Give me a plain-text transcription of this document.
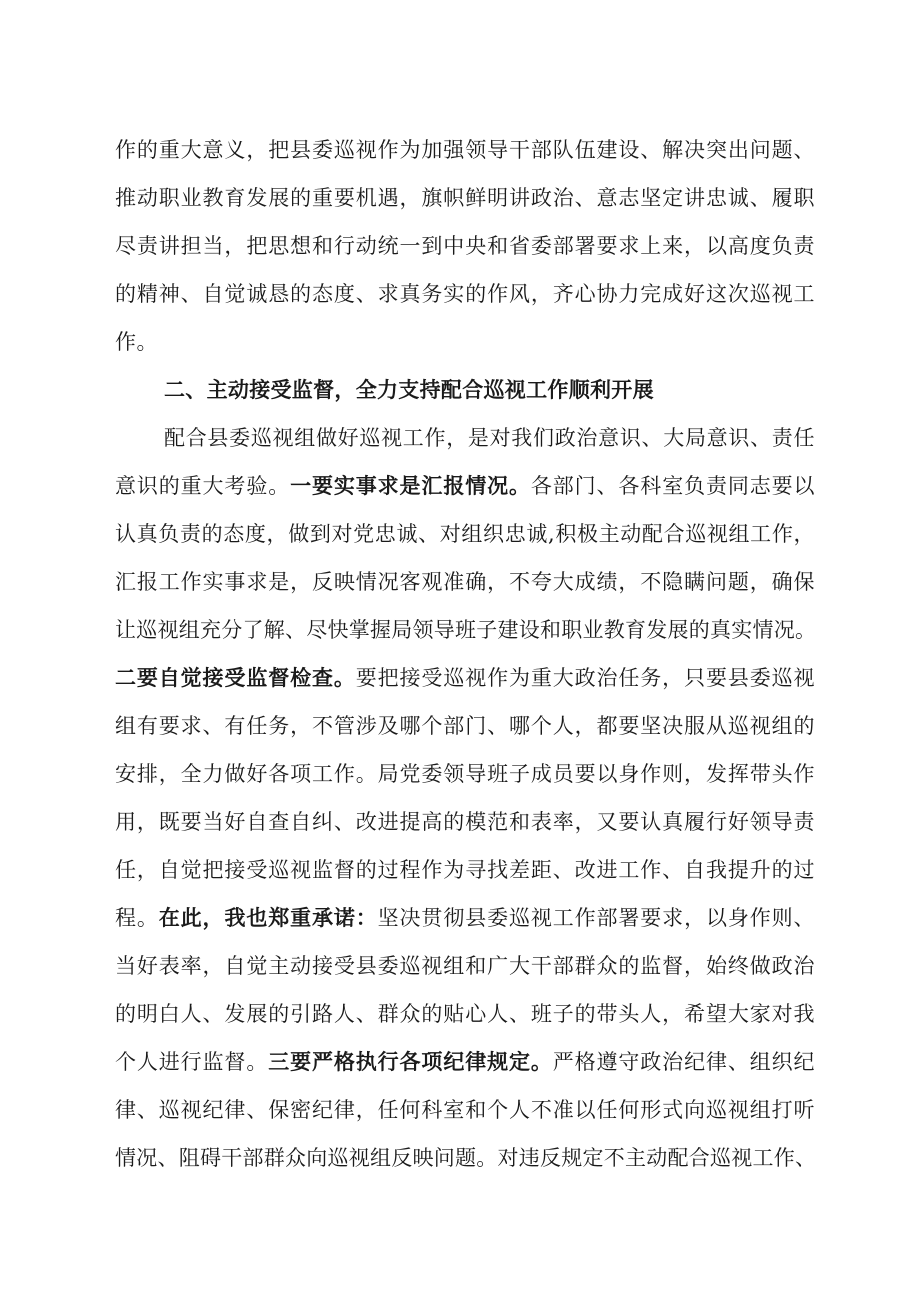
作的重大意义，把县委巡视作为加强领导干部队伍建设、解决突出问题、
推动职业教育发展的重要机遇，旗帜鲜明讲政治、意志坚定讲忠诚、履职
尽责讲担当，把思想和行动统一到中央和省委部署要求上来，以高度负责
的精神、自觉诚恳的态度、求真务实的作风，齐心协力完成好这次巡视工
作。
二、主动接受监督，全力支持配合巡视工作顺利开展
配合县委巡视组做好巡视工作，是对我们政治意识、大局意识、责任
意识的重大考验。一要实事求是汇报情况。各部门、各科室负责同志要以
认真负责的态度，做到对党忠诚、对组织忠诚,积极主动配合巡视组工作，
汇报工作实事求是，反映情况客观准确，不夸大成绩，不隐瞒问题，确保
让巡视组充分了解、尽快掌握局领导班子建设和职业教育发展的真实情况。
二要自觉接受监督检查。要把接受巡视作为重大政治任务，只要县委巡视
组有要求、有任务，不管涉及哪个部门、哪个人，都要坚决服从巡视组的
安排，全力做好各项工作。局党委领导班子成员要以身作则，发挥带头作
用，既要当好自查自纠、改进提高的模范和表率，又要认真履行好领导责
任，自觉把接受巡视监督的过程作为寻找差距、改进工作、自我提升的过
程。在此，我也郑重承诺：坚决贯彻县委巡视工作部署要求，以身作则、
当好表率，自觉主动接受县委巡视组和广大干部群众的监督，始终做政治
的明白人、发展的引路人、群众的贴心人、班子的带头人，希望大家对我
个人进行监督。三要严格执行各项纪律规定。严格遵守政治纪律、组织纪
律、巡视纪律、保密纪律，任何科室和个人不准以任何形式向巡视组打听
情况、阻碍干部群众向巡视组反映问题。对违反规定不主动配合巡视工作、
